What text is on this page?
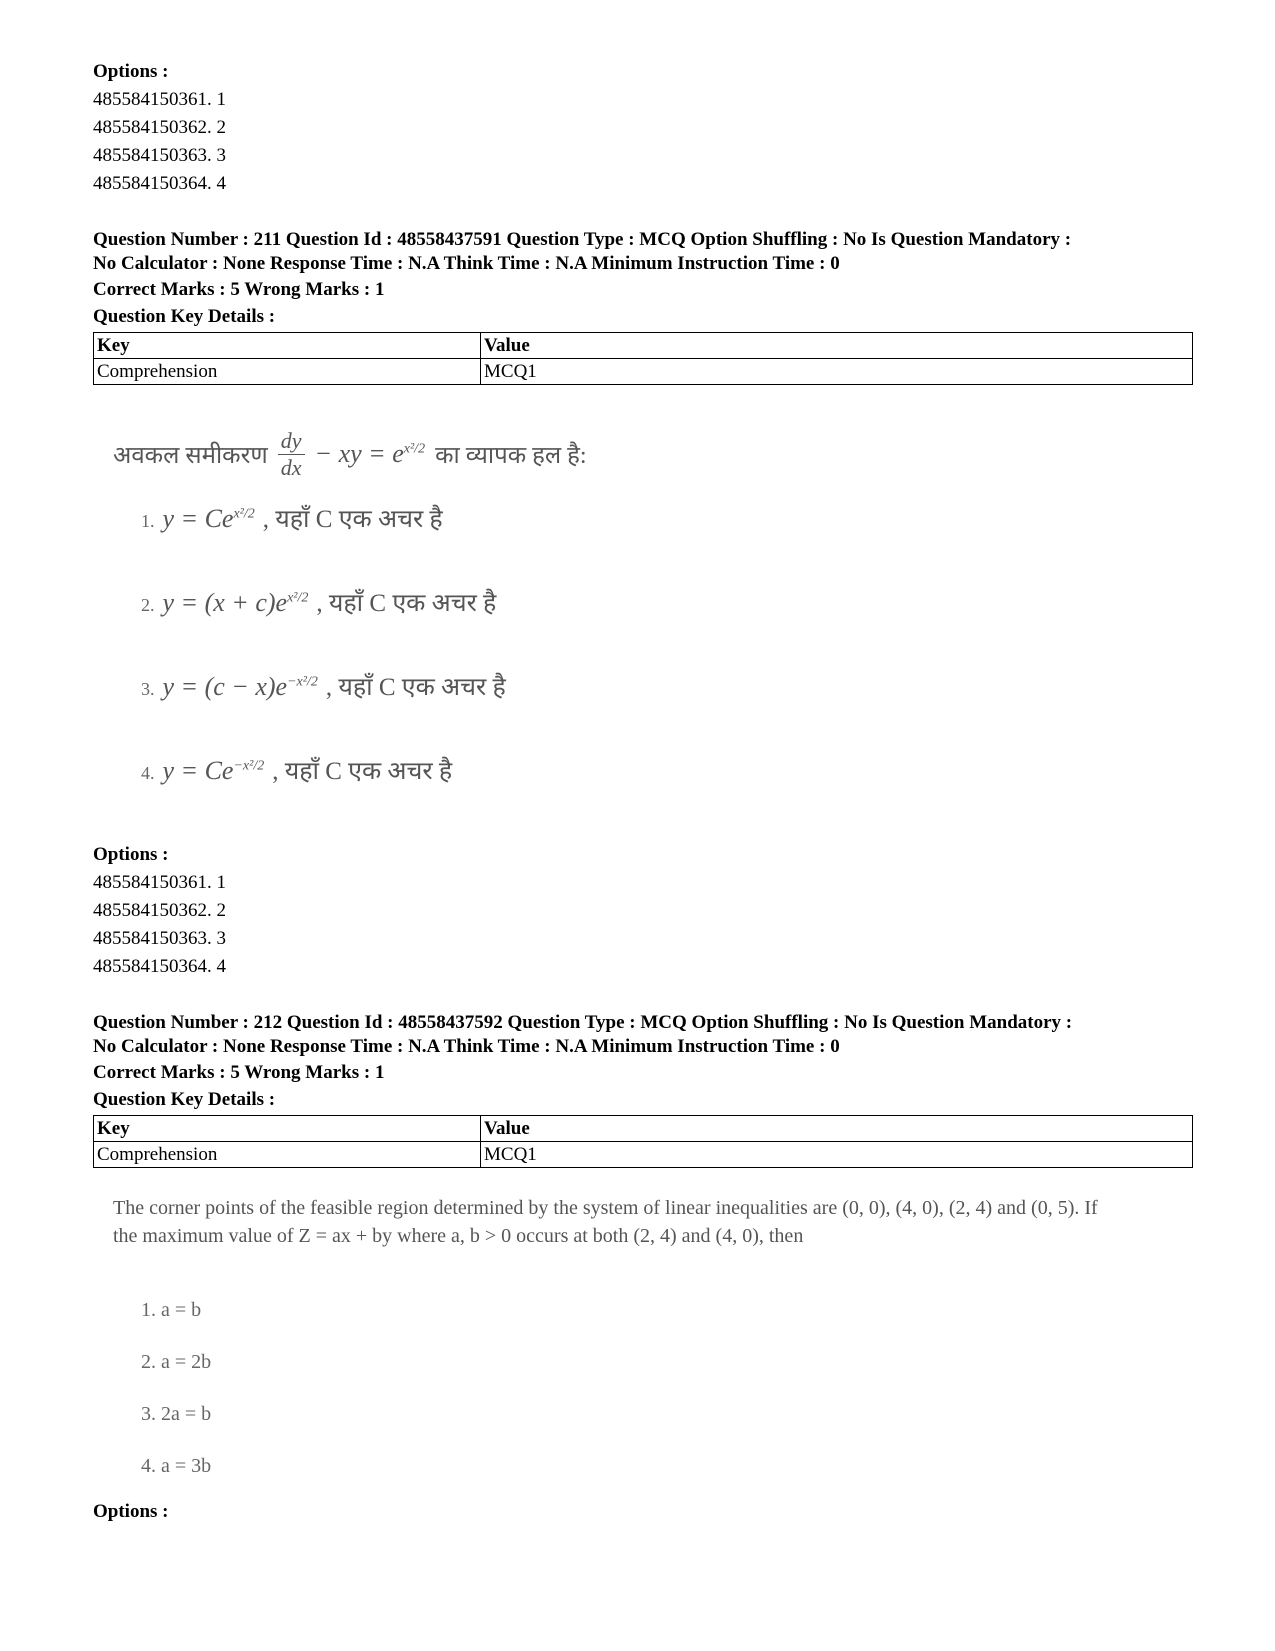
Options :

485584150361. 1

485584150362. 2

485584150363. 3

485584150364. 4

Question Number : 211 Question Id : 48558437591 Question Type : MCQ Option Shuffling : No Is Question Mandatory :

No Calculator : None Response Time : N.A Think Time : N.A Minimum Instruction Time : 0

Correct Marks : 5 Wrong Marks : 1

Question Key Details :

Key	Value
Comprehension	MCQ1
अवकल समीकरण $\frac{dy}{dx}$ − xy = $e^{x^2/2}$ का व्यापक हल है:
1. $y = Ce^{x^2/2}$ , यहाँ C एक अचर है
2. $y = (x + c)e^{x^2/2}$ , यहाँ C एक अचर है
3. $y = (c - x)e^{-x^2/2}$ , यहाँ C एक अचर है
4. $y = Ce^{-x^2/2}$ , यहाँ C एक अचर है

Options :

485584150361. 1

485584150362. 2

485584150363. 3

485584150364. 4

Question Number : 212 Question Id : 48558437592 Question Type : MCQ Option Shuffling : No Is Question Mandatory :

No Calculator : None Response Time : N.A Think Time : N.A Minimum Instruction Time : 0

Correct Marks : 5 Wrong Marks : 1

Question Key Details :

Key	Value
Comprehension	MCQ1

The corner points of the feasible region determined by the system of linear inequalities are (0, 0), (4, 0), (2, 4) and (0, 5). If the maximum value of Z = ax + by where a, b > 0 occurs at both (2, 4) and (4, 0), then

1. a = b
2. a = 2b
3. 2a = b
4. a = 3b

Options :
